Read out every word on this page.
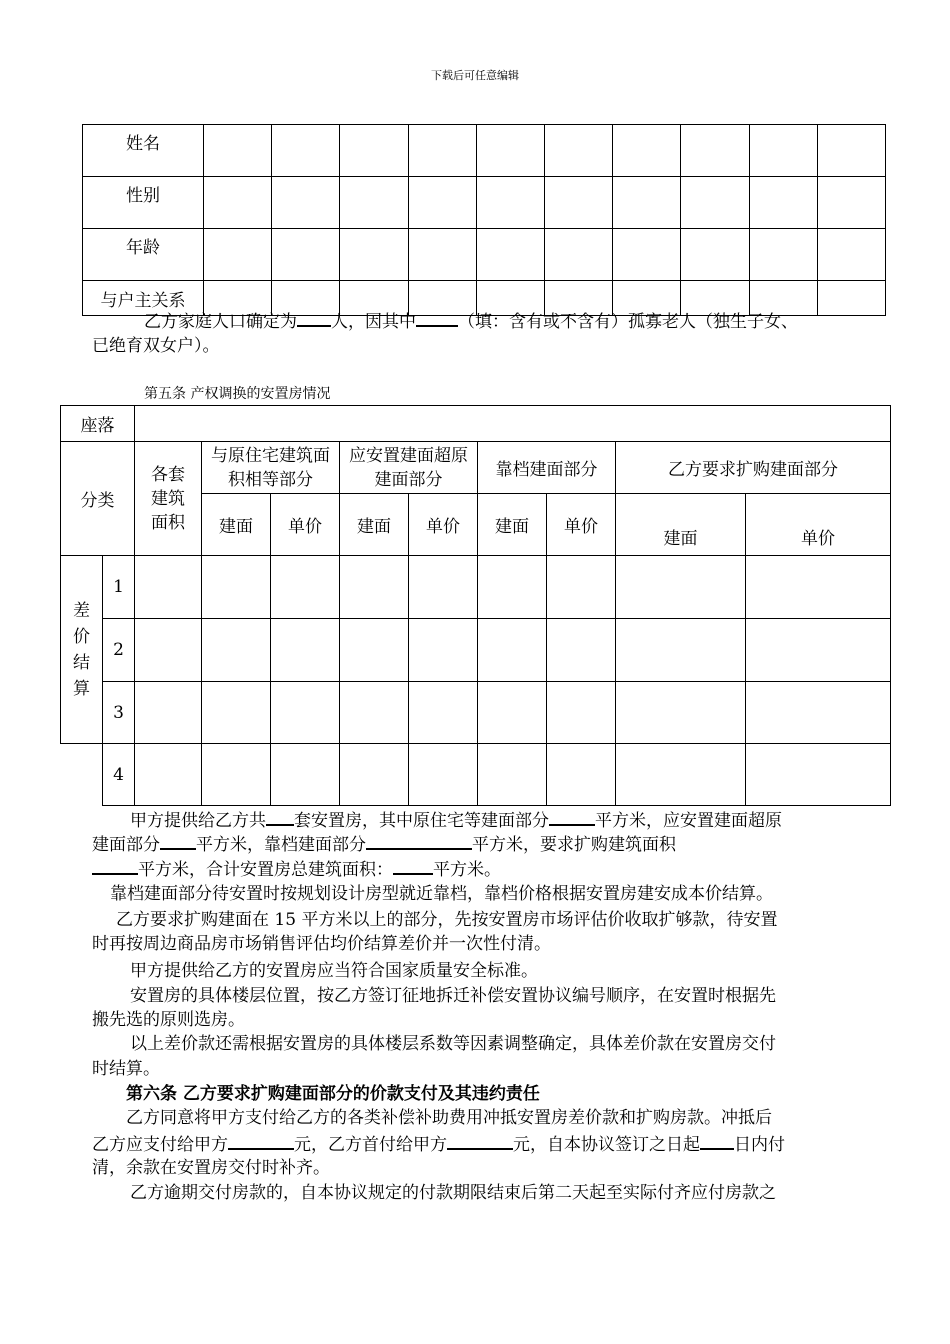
下载后可任意编辑
姓名										
性别										
年龄										
与户主关系										
乙方家庭人口确定为 人，因其中 （填：含有或不含有）孤寡老人（独生子女、
已绝育双女户）。
第五条 产权调换的安置房情况
座落										
分类		各套建筑面积	与原住宅建筑面积相等部分		应安置建面超原建面部分		靠档建面部分		乙方要求扩购建面部分	
			建面	单价	建面	单价	建面	单价	建面	单价
差价结算	1									
	2									
	3									
	4									
甲方提供给乙方共 套安置房，其中原住宅等建面部分	平方米，应安置建面超原
建面部分 平方米，靠档建面部分	平方米，要求扩购建筑面积
平方米，合计安置房总建筑面积： 平方米。
靠档建面部分待安置时按规划设计房型就近靠档，靠档价格根据安置房建安成本价结算。
乙方要求扩购建面在 15 平方米以上的部分，先按安置房市场评估价收取扩够款，待安置
时再按周边商品房市场销售评估均价结算差价并一次性付清。
甲方提供给乙方的安置房应当符合国家质量安全标准。
安置房的具体楼层位置，按乙方签订征地拆迁补偿安置协议编号顺序，在安置时根据先
搬先选的原则选房。
以上差价款还需根据安置房的具体楼层系数等因素调整确定，具体差价款在安置房交付
时结算。
第六条 乙方要求扩购建面部分的价款支付及其违约责任
乙方同意将甲方支付给乙方的各类补偿补助费用冲抵安置房差价款和扩购房款。冲抵后
乙方应支付给甲方	元，乙方首付给甲方	元，自本协议签订之日起 日内付
清，余款在安置房交付时补齐。
乙方逾期交付房款的，自本协议规定的付款期限结束后第二天起至实际付齐应付房款之
